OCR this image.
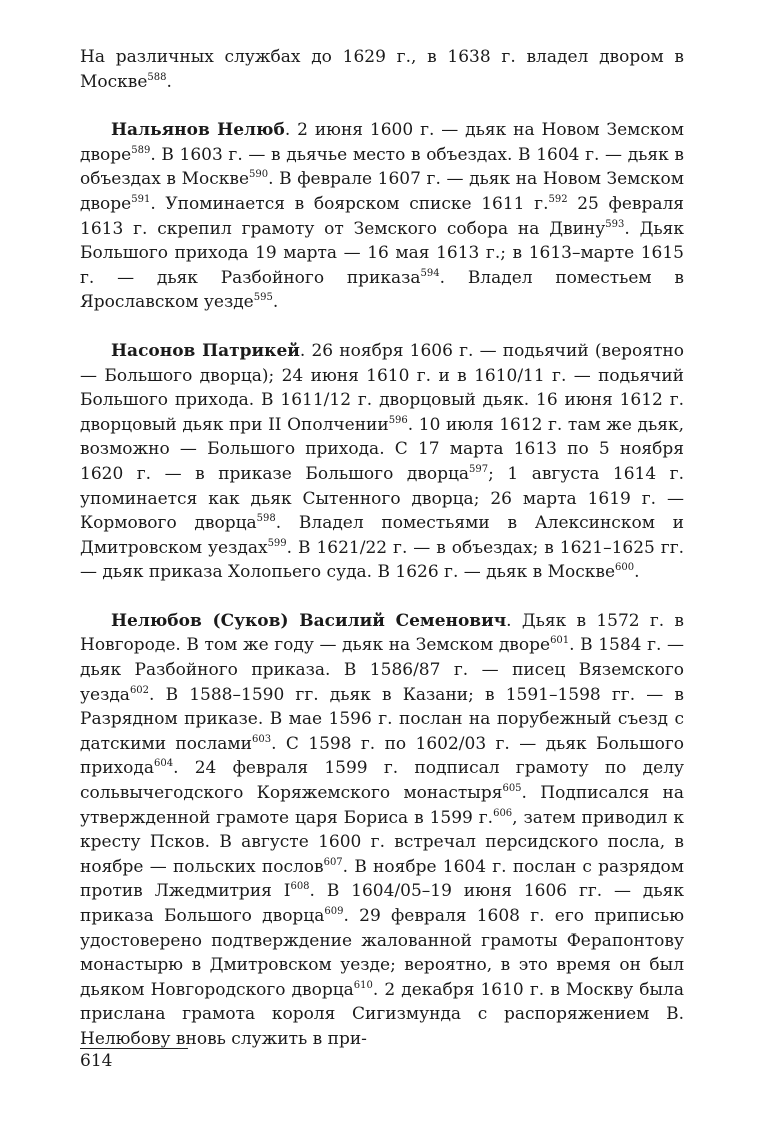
На различных службах до 1629 г., в 1638 г. владел двором в Москве$^{588}$.

Нальянов Нелюб. 2 июня 1600 г. — дьяк на Новом Земском дворе$^{589}$. В 1603 г. — в дьячье место в объездах. В 1604 г. — дьяк в объездах в Москве$^{590}$. В феврале 1607 г. — дьяк на Новом Земском дворе$^{591}$. Упоминается в боярском списке 1611 г.$^{592}$ 25 февраля 1613 г. скрепил грамоту от Земского собора на Двину$^{593}$. Дьяк Большого прихода 19 марта — 16 мая 1613 г.; в 1613–марте 1615 г. — дьяк Разбойного приказа$^{594}$. Владел поместьем в Ярославском уезде$^{595}$.

Насонов Патрикей. 26 ноября 1606 г. — подьячий (вероятно — Большого дворца); 24 июня 1610 г. и в 1610/11 г. — подьячий Большого прихода. В 1611/12 г. дворцовый дьяк. 16 июня 1612 г. дворцовый дьяк при II Ополчении$^{596}$. 10 июля 1612 г. там же дьяк, возможно — Большого прихода. С 17 марта 1613 по 5 ноября 1620 г. — в приказе Большого дворца$^{597}$; 1 августа 1614 г. упоминается как дьяк Сытенного дворца; 26 марта 1619 г. — Кормового дворца$^{598}$. Владел поместьями в Алексинском и Дмитровском уездах$^{599}$. В 1621/22 г. — в объездах; в 1621–1625 гг. — дьяк приказа Холопьего суда. В 1626 г. — дьяк в Москве$^{600}$.

Нелюбов (Суков) Василий Семенович. Дьяк в 1572 г. в Новгороде. В том же году — дьяк на Земском дворе$^{601}$. В 1584 г. — дьяк Разбойного приказа. В 1586/87 г. — писец Вяземского уезда$^{602}$. В 1588–1590 гг. дьяк в Казани; в 1591–1598 гг. — в Разрядном приказе. В мае 1596 г. послан на порубежный съезд с датскими послами$^{603}$. С 1598 г. по 1602/03 г. — дьяк Большого прихода$^{604}$. 24 февраля 1599 г. подписал грамоту по делу сольвычегодского Коряжемского монастыря$^{605}$. Подписался на утвержденной грамоте царя Бориса в 1599 г.$^{606}$, затем приводил к кресту Псков. В августе 1600 г. встречал персидского посла, в ноябре — польских послов$^{607}$. В ноябре 1604 г. послан с разрядом против Лжедмитрия $I^{608}$. В 1604/05–19 июня 1606 гг. — дьяк приказа Большого дворца$^{609}$. 29 февраля 1608 г. его приписью удостоверено подтверждение жалованной грамоты Ферапонтову монастырю в Дмитровском уезде; вероятно, в это время он был дьяком Новгородского дворца$^{610}$. 2 декабря 1610 г. в Москву была прислана грамота короля Сигизмунда с распоряжением В. Нелюбову вновь служить в при-

614
